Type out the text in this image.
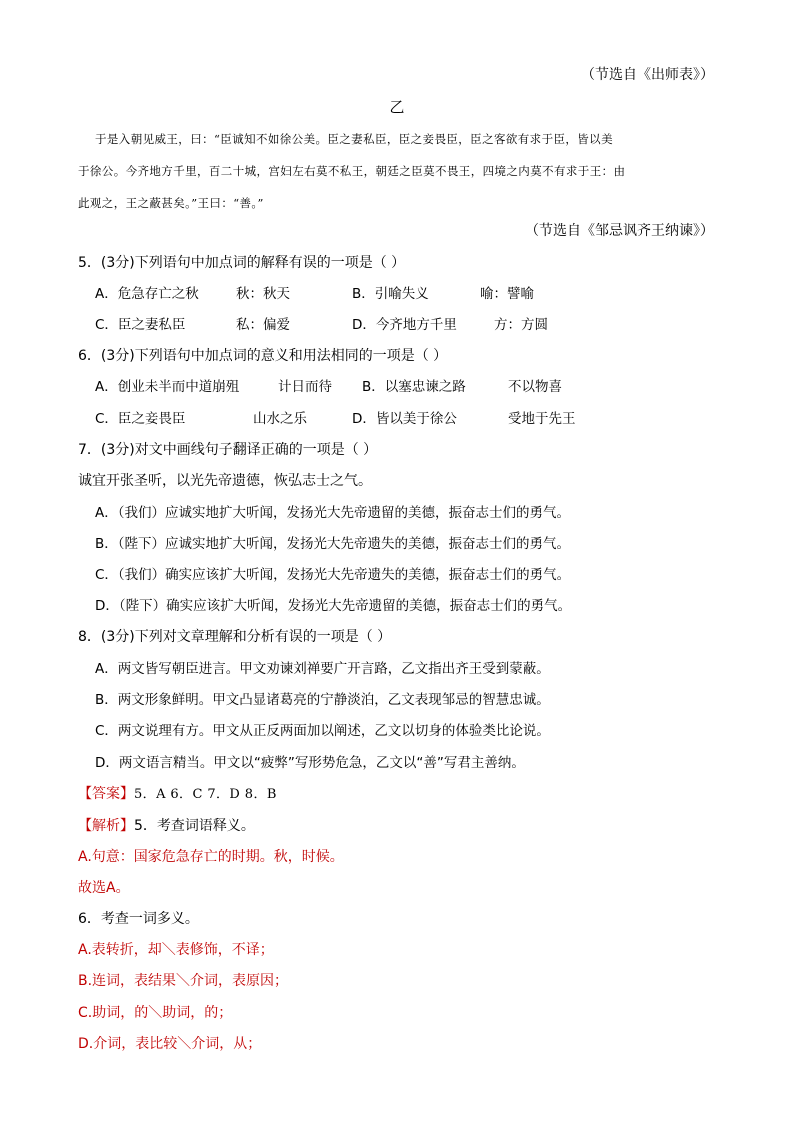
（节选自《出师表》）
乙
于是入朝见威王，曰：“臣诚知不如徐公美。臣之妻私臣，臣之妾畏臣，臣之客欲有求于臣，皆以美
于徐公。今齐地方千里，百二十城，宫妇左右莫不私王，朝廷之臣莫不畏王，四境之内莫不有求于王：由
此观之，王之蔽甚矣。”王曰：“善。”
（节选自《邹忌讽齐王纳谏》）
5．(3分)下列语句中加点词的解释有误的一项是（ ）
A．危急存亡之秋	秋：秋天	B．引喻失义	喻：譬喻
C．臣之妻私臣	私：偏爱	D．今齐地方千里	方：方圆
6．(3分)下列语句中加点词的意义和用法相同的一项是（ ）
A．创业未半而中道崩殂	计日而待 B．以塞忠谏之路	不以物喜
C．臣之妾畏臣	山水之乐	D．皆以美于徐公	受地于先王
7．(3分)对文中画线句子翻译正确的一项是（ ）
诚宜开张圣听，以光先帝遗德，恢弘志士之气。
A．（我们）应诚实地扩大听闻，发扬光大先帝遗留的美德，振奋志士们的勇气。
B．（陛下）应诚实地扩大听闻，发扬光大先帝遗失的美德，振奋志士们的勇气。
C．（我们）确实应该扩大听闻，发扬光大先帝遗失的美德，振奋志士们的勇气。
D．（陛下）确实应该扩大听闻，发扬光大先帝遗留的美德，振奋志士们的勇气。
8．(3分)下列对文章理解和分析有误的一项是（ ）
A．两文皆写朝臣进言。甲文劝谏刘禅要广开言路，乙文指出齐王受到蒙蔽。
B．两文形象鲜明。甲文凸显诸葛亮的宁静淡泊，乙文表现邹忌的智慧忠诚。
C．两文说理有方。甲文从正反两面加以阐述，乙文以切身的体验类比论说。
D．两文语言精当。甲文以“疲弊”写形势危急，乙文以“善”写君主善纳。
【答案】5．A 6．C 7．D 8．B
【解析】5．考查词语释义。
A.句意：国家危急存亡的时期。秋，时候。
故选A。
6．考查一词多义。
A.表转折，却＼表修饰，不译；
B.连词，表结果＼介词，表原因；
C.助词，的＼助词，的；
D.介词，表比较＼介词，从；
